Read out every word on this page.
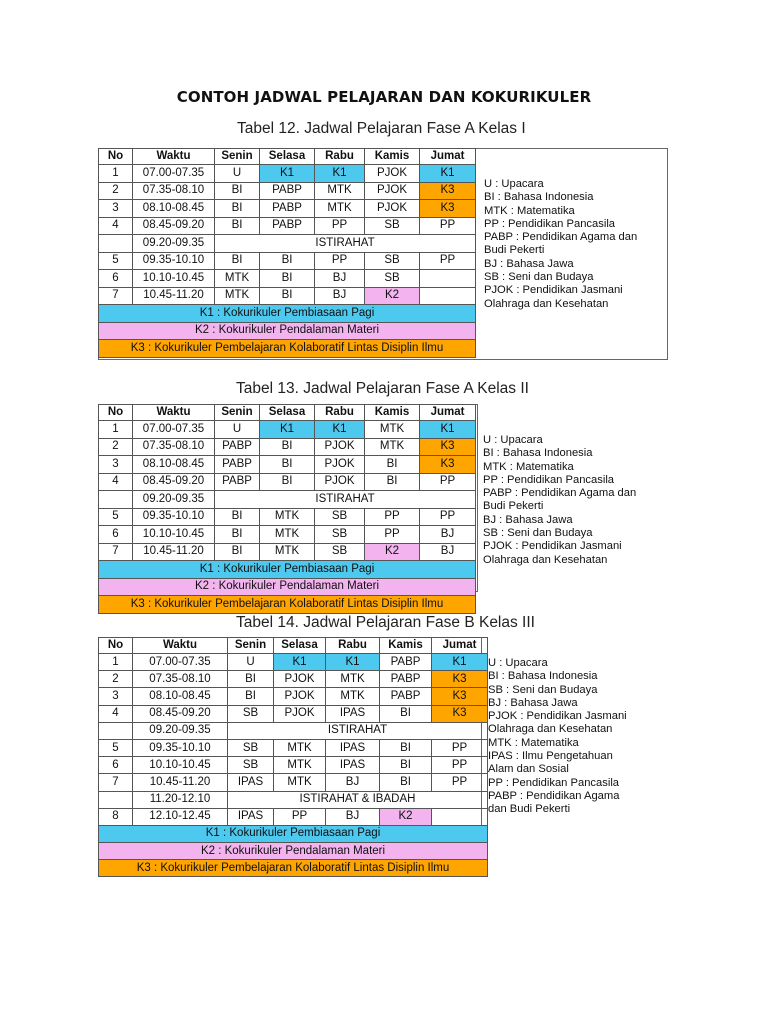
CONTOH JADWAL PELAJARAN DAN KOKURIKULER
Tabel 12. Jadwal Pelajaran Fase A Kelas I
No	Waktu	Senin	Selasa	Rabu	Kamis	Jumat
1	07.00-07.35	U	K1	K1	PJOK	K1
2	07.35-08.10	BI	PABP	MTK	PJOK	K3
3	08.10-08.45	BI	PABP	MTK	PJOK	K3
4	08.45-09.20	BI	PABP	PP	SB	PP
	09.20-09.35	ISTIRAHAT				
5	09.35-10.10	BI	BI	PP	SB	PP
6	10.10-10.45	MTK	BI	BJ	SB	
7	10.45-11.20	MTK	BI	BJ	K2	
K1 : Kokurikuler Pembiasaan Pagi						
K2 : Kokurikuler Pendalaman Materi						
K3 : Kokurikuler Pembelajaran Kolaboratif Lintas Disiplin Ilmu						
U : Upacara
BI : Bahasa Indonesia
MTK : Matematika
PP : Pendidikan Pancasila
PABP : Pendidikan Agama dan
Budi Pekerti
BJ : Bahasa Jawa
SB : Seni dan Budaya
PJOK : Pendidikan Jasmani
Olahraga dan Kesehatan
Tabel 13. Jadwal Pelajaran Fase A Kelas II
No	Waktu	Senin	Selasa	Rabu	Kamis	Jumat
1	07.00-07.35	U	K1	K1	MTK	K1
2	07.35-08.10	PABP	BI	PJOK	MTK	K3
3	08.10-08.45	PABP	BI	PJOK	BI	K3
4	08.45-09.20	PABP	BI	PJOK	BI	PP
	09.20-09.35	ISTIRAHAT				
5	09.35-10.10	BI	MTK	SB	PP	PP
6	10.10-10.45	BI	MTK	SB	PP	BJ
7	10.45-11.20	BI	MTK	SB	K2	BJ
K1 : Kokurikuler Pembiasaan Pagi						
K2 : Kokurikuler Pendalaman Materi						
K3 : Kokurikuler Pembelajaran Kolaboratif Lintas Disiplin Ilmu						
U : Upacara
BI : Bahasa Indonesia
MTK : Matematika
PP : Pendidikan Pancasila
PABP : Pendidikan Agama dan
Budi Pekerti
BJ : Bahasa Jawa
SB : Seni dan Budaya
PJOK : Pendidikan Jasmani
Olahraga dan Kesehatan
Tabel 14. Jadwal Pelajaran Fase B Kelas III
No	Waktu	Senin	Selasa	Rabu	Kamis	Jumat
1	07.00-07.35	U	K1	K1	PABP	K1
2	07.35-08.10	BI	PJOK	MTK	PABP	K3
3	08.10-08.45	BI	PJOK	MTK	PABP	K3
4	08.45-09.20	SB	PJOK	IPAS	BI	K3
	09.20-09.35	ISTIRAHAT				
5	09.35-10.10	SB	MTK	IPAS	BI	PP
6	10.10-10.45	SB	MTK	IPAS	BI	PP
7	10.45-11.20	IPAS	MTK	BJ	BI	PP
	11.20-12.10	ISTIRAHAT & IBADAH				
8	12.10-12.45	IPAS	PP	BJ	K2	
K1 : Kokurikuler Pembiasaan Pagi						
K2 : Kokurikuler Pendalaman Materi						
K3 : Kokurikuler Pembelajaran Kolaboratif Lintas Disiplin Ilmu						
U : Upacara
BI : Bahasa Indonesia
SB : Seni dan Budaya
BJ : Bahasa Jawa
PJOK : Pendidikan Jasmani
Olahraga dan Kesehatan
MTK : Matematika
IPAS : Ilmu Pengetahuan
Alam dan Sosial
PP : Pendidikan Pancasila
PABP : Pendidikan Agama
dan Budi Pekerti
